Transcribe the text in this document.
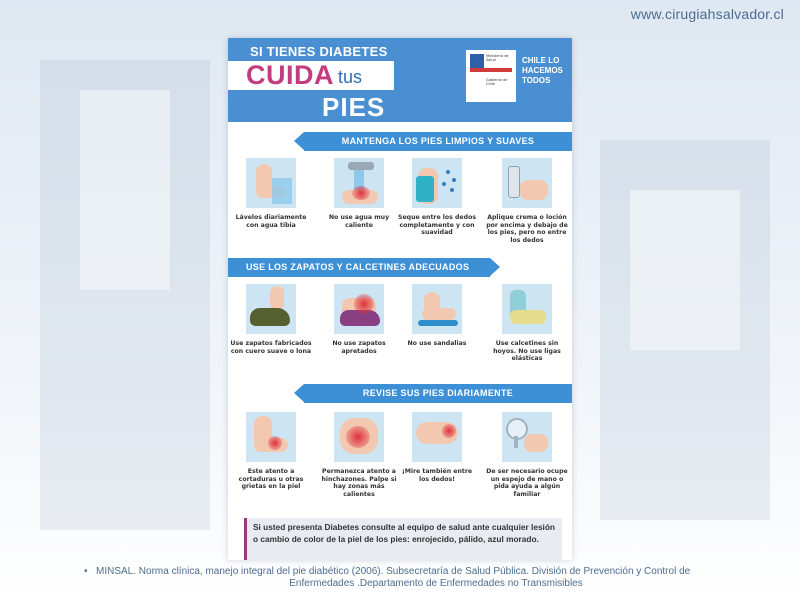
www.cirugiahsalvador.cl
SI TIENES DIABETES
CUIDA tus
PIES
Ministerio de Salud
Gobierno de Chile
CHILE LO
HACEMOS
TODOS
MANTENGA LOS PIES LIMPIOS Y SUAVES
Lávelos diariamente con agua tibia
No use agua muy caliente
Seque entre los dedos completamente y con suavidad
Aplique crema o loción por encima y debajo de los pies, pero no entre los dedos
USE LOS ZAPATOS Y CALCETINES ADECUADOS
Use zapatos fabricados con cuero suave o lona
No use zapatos apretados
No use sandalias	Use calcetines sin hoyos. No use ligas elásticas
REVISE SUS PIES DIARIAMENTE
Este atento a cortaduras u otras grietas en la piel
Permanezca atento a hinchazones. Palpe si hay zonas más calientes
¡Mire también entre los dedos!
De ser necesario ocupe un espejo de mano o pida ayuda a algún familiar
Si usted presenta Diabetes consulte al equipo de salud ante cualquier lesión o cambio de color de la piel de los pies: enrojecido, pálido, azul morado.
• MINSAL. Norma clínica, manejo integral del pie diabético (2006). Subsecretaría de Salud Pública. División de Prevención y Control de
Enfermedades .Departamento de Enfermedades no Transmisibles
